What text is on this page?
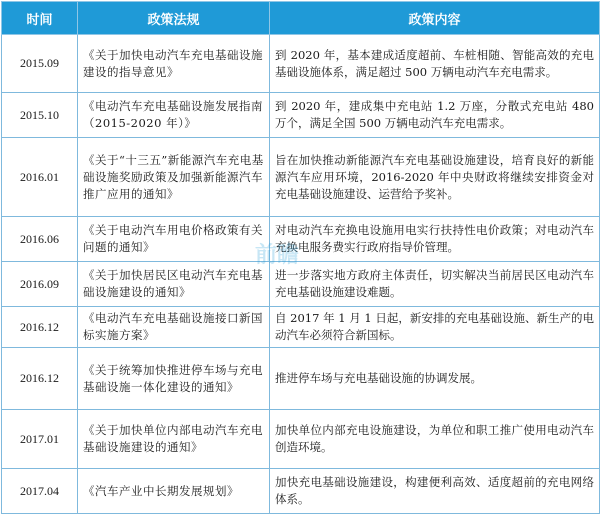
时间	政策法规	政策内容
2015.09	《关于加快电动汽车充电基础设施建设的指导意见》	到 2020 年，基本建成适度超前、车桩相随、智能高效的充电基础设施体系，满足超过 500 万辆电动汽车充电需求。
2015.10	《电动汽车充电基础设施发展指南（2015-2020 年）》	到 2020 年，建成集中充电站 1.2 万座，分散式充电站 480 万个，满足全国 500 万辆电动汽车充电需求。
2016.01	《关于“十三五”新能源汽车充电基础设施奖励政策及加强新能源汽车推广应用的通知》	旨在加快推动新能源汽车充电基础设施建设，培育良好的新能源汽车应用环境，2016-2020 年中央财政将继续安排资金对充电基础设施建设、运营给予奖补。
2016.06	《关于电动汽车用电价格政策有关问题的通知》	对电动汽车充换电设施用电实行扶持性电价政策；对电动汽车充换电服务费实行政府指导价管理。
2016.09	《关于加快居民区电动汽车充电基础设施建设的通知》	进一步落实地方政府主体责任，切实解决当前居民区电动汽车充电基础设施建设难题。
2016.12	《电动汽车充电基础设施接口新国标实施方案》	自 2017 年 1 月 1 日起，新安排的充电基础设施、新生产的电动汽车必须符合新国标。
2016.12	《关于统筹加快推进停车场与充电基础设施一体化建设的通知》	推进停车场与充电基础设施的协调发展。
2017.01	《关于加快单位内部电动汽车充电基础设施建设的通知》	加快单位内部充电设施建设，为单位和职工推广使用电动汽车创造环境。
2017.04	《汽车产业中长期发展规划》	加快充电基础设施建设，构建便利高效、适度超前的充电网络体系。
前瞻
